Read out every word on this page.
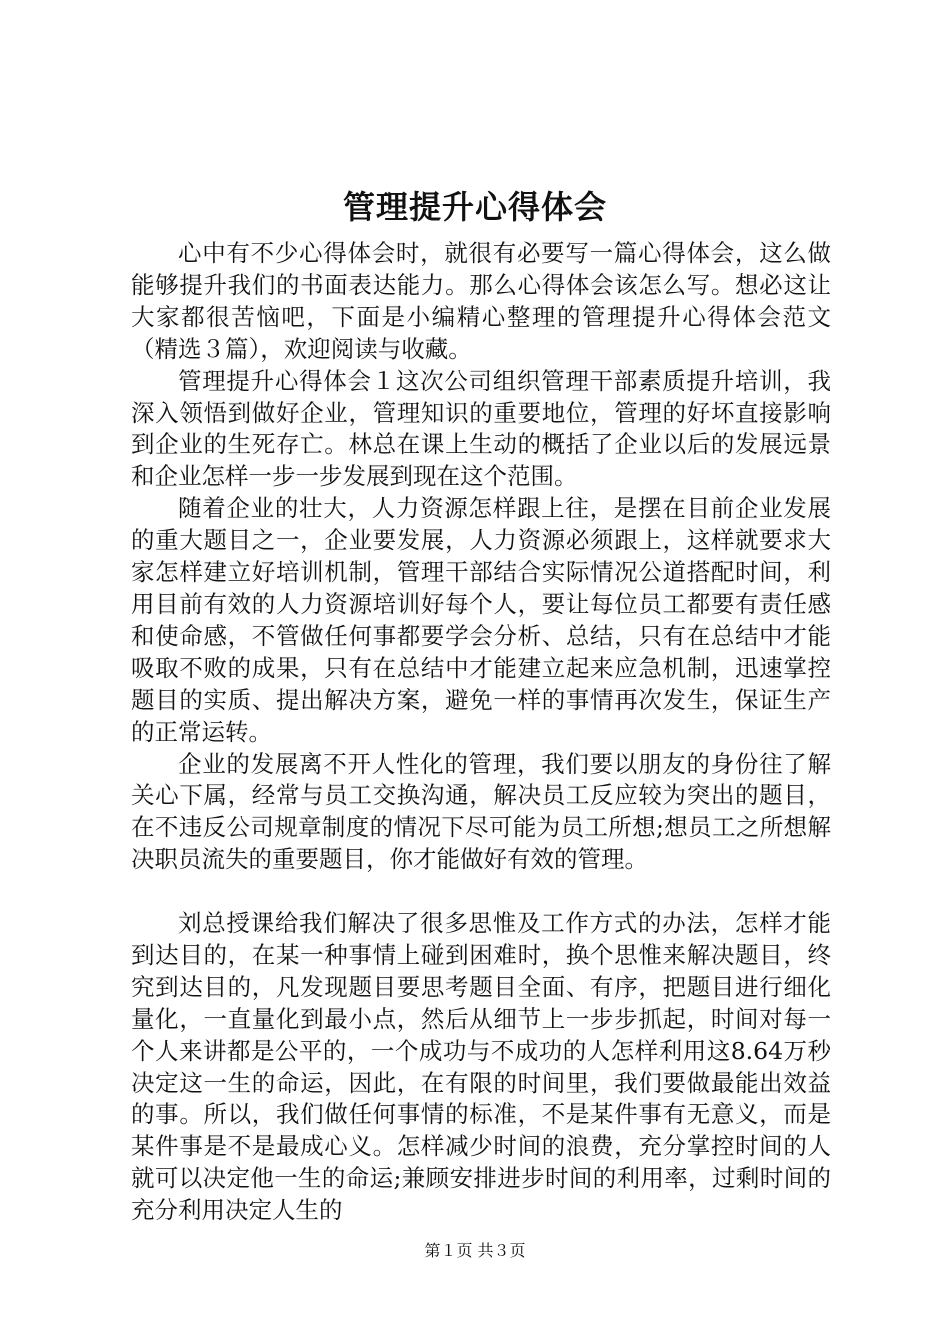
管理提升心得体会

心中有不少心得体会时，就很有必要写一篇心得体会，这么做能够提升我们的书面表达能力。那么心得体会该怎么写。想必这让大家都很苦恼吧，下面是小编精心整理的管理提升心得体会范文（精选３篇），欢迎阅读与收藏。

管理提升心得体会１这次公司组织管理干部素质提升培训，我深入领悟到做好企业，管理知识的重要地位，管理的好坏直接影响到企业的生死存亡。林总在课上生动的概括了企业以后的发展远景和企业怎样一步一步发展到现在这个范围。

随着企业的壮大，人力资源怎样跟上往，是摆在目前企业发展的重大题目之一，企业要发展，人力资源必须跟上，这样就要求大家怎样建立好培训机制，管理干部结合实际情况公道搭配时间，利用目前有效的人力资源培训好每个人，要让每位员工都要有责任感和使命感，不管做任何事都要学会分析、总结，只有在总结中才能吸取不败的成果，只有在总结中才能建立起来应急机制，迅速掌控题目的实质、提出解决方案，避免一样的事情再次发生，保证生产的正常运转。

企业的发展离不开人性化的管理，我们要以朋友的身份往了解关心下属，经常与员工交换沟通，解决员工反应较为突出的题目，在不违反公司规章制度的情况下尽可能为员工所想;想员工之所想解决职员流失的重要题目，你才能做好有效的管理。

刘总授课给我们解决了很多思惟及工作方式的办法，怎样才能到达目的，在某一种事情上碰到困难时，换个思惟来解决题目，终究到达目的，凡发现题目要思考题目全面、有序，把题目进行细化量化，一直量化到最小点，然后从细节上一步步抓起，时间对每一个人来讲都是公平的，一个成功与不成功的人怎样利用这8.64万秒决定这一生的命运，因此，在有限的时间里，我们要做最能出效益的事。所以，我们做任何事情的标准，不是某件事有无意义，而是某件事是不是最成心义。怎样减少时间的浪费，充分掌控时间的人就可以决定他一生的命运;兼顾安排进步时间的利用率，过剩时间的充分利用决定人生的

第１页 共３页
